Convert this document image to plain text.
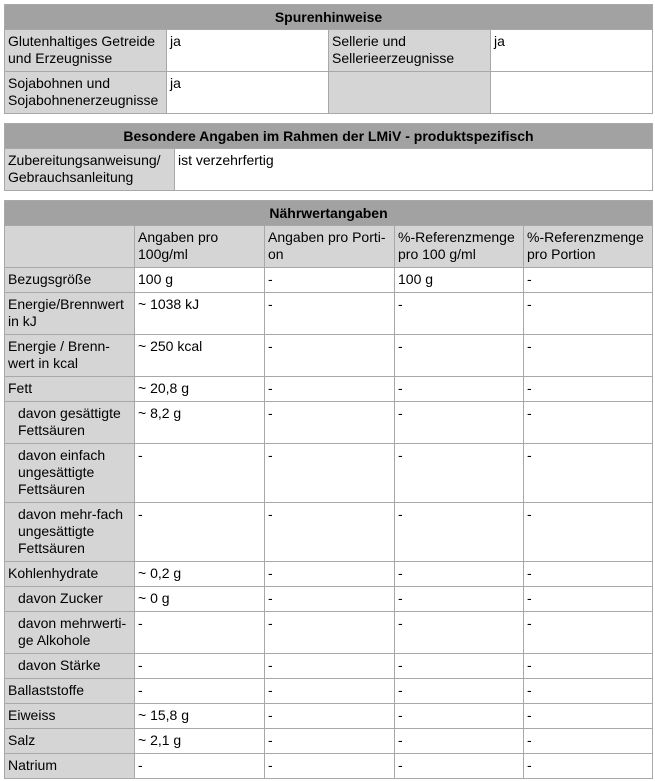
Spurenhinweise			
Glutenhaltiges Getreide und Erzeugnisse	ja	Sellerie und Sellerieerzeugnisse	ja
Sojabohnen und Sojabohnenerzeugnisse	ja		
Besondere Angaben im Rahmen der LMiV - produktspezifisch
Zubereitungsanweisung/ Gebrauchsanleitung	ist verzehrfertig
Nährwertangaben				
	Angaben pro 100g/ml	Angaben pro Porti-on	%-Referenzmenge pro 100 g/ml	%-Referenzmenge pro Portion
Bezugsgröße	100 g	-	100 g	-
Energie/Brennwert in kJ	~ 1038 kJ	-	-	-
Energie / Brenn-wert in kcal	~ 250 kcal	-	-	-
Fett	~ 20,8 g	-	-	-
davon gesättigte Fettsäuren	~ 8,2 g	-	-	-
davon einfach ungesättigte Fettsäuren	-	-	-	-
davon mehr-fach ungesättigte Fettsäuren	-	-	-	-
Kohlenhydrate	~ 0,2 g	-	-	-
davon Zucker	~ 0 g	-	-	-
davon mehrwerti-ge Alkohole	-	-	-	-
davon Stärke	-	-	-	-
Ballaststoffe	-	-	-	-
Eiweiss	~ 15,8 g	-	-	-
Salz	~ 2,1 g	-	-	-
Natrium	-	-	-	-
